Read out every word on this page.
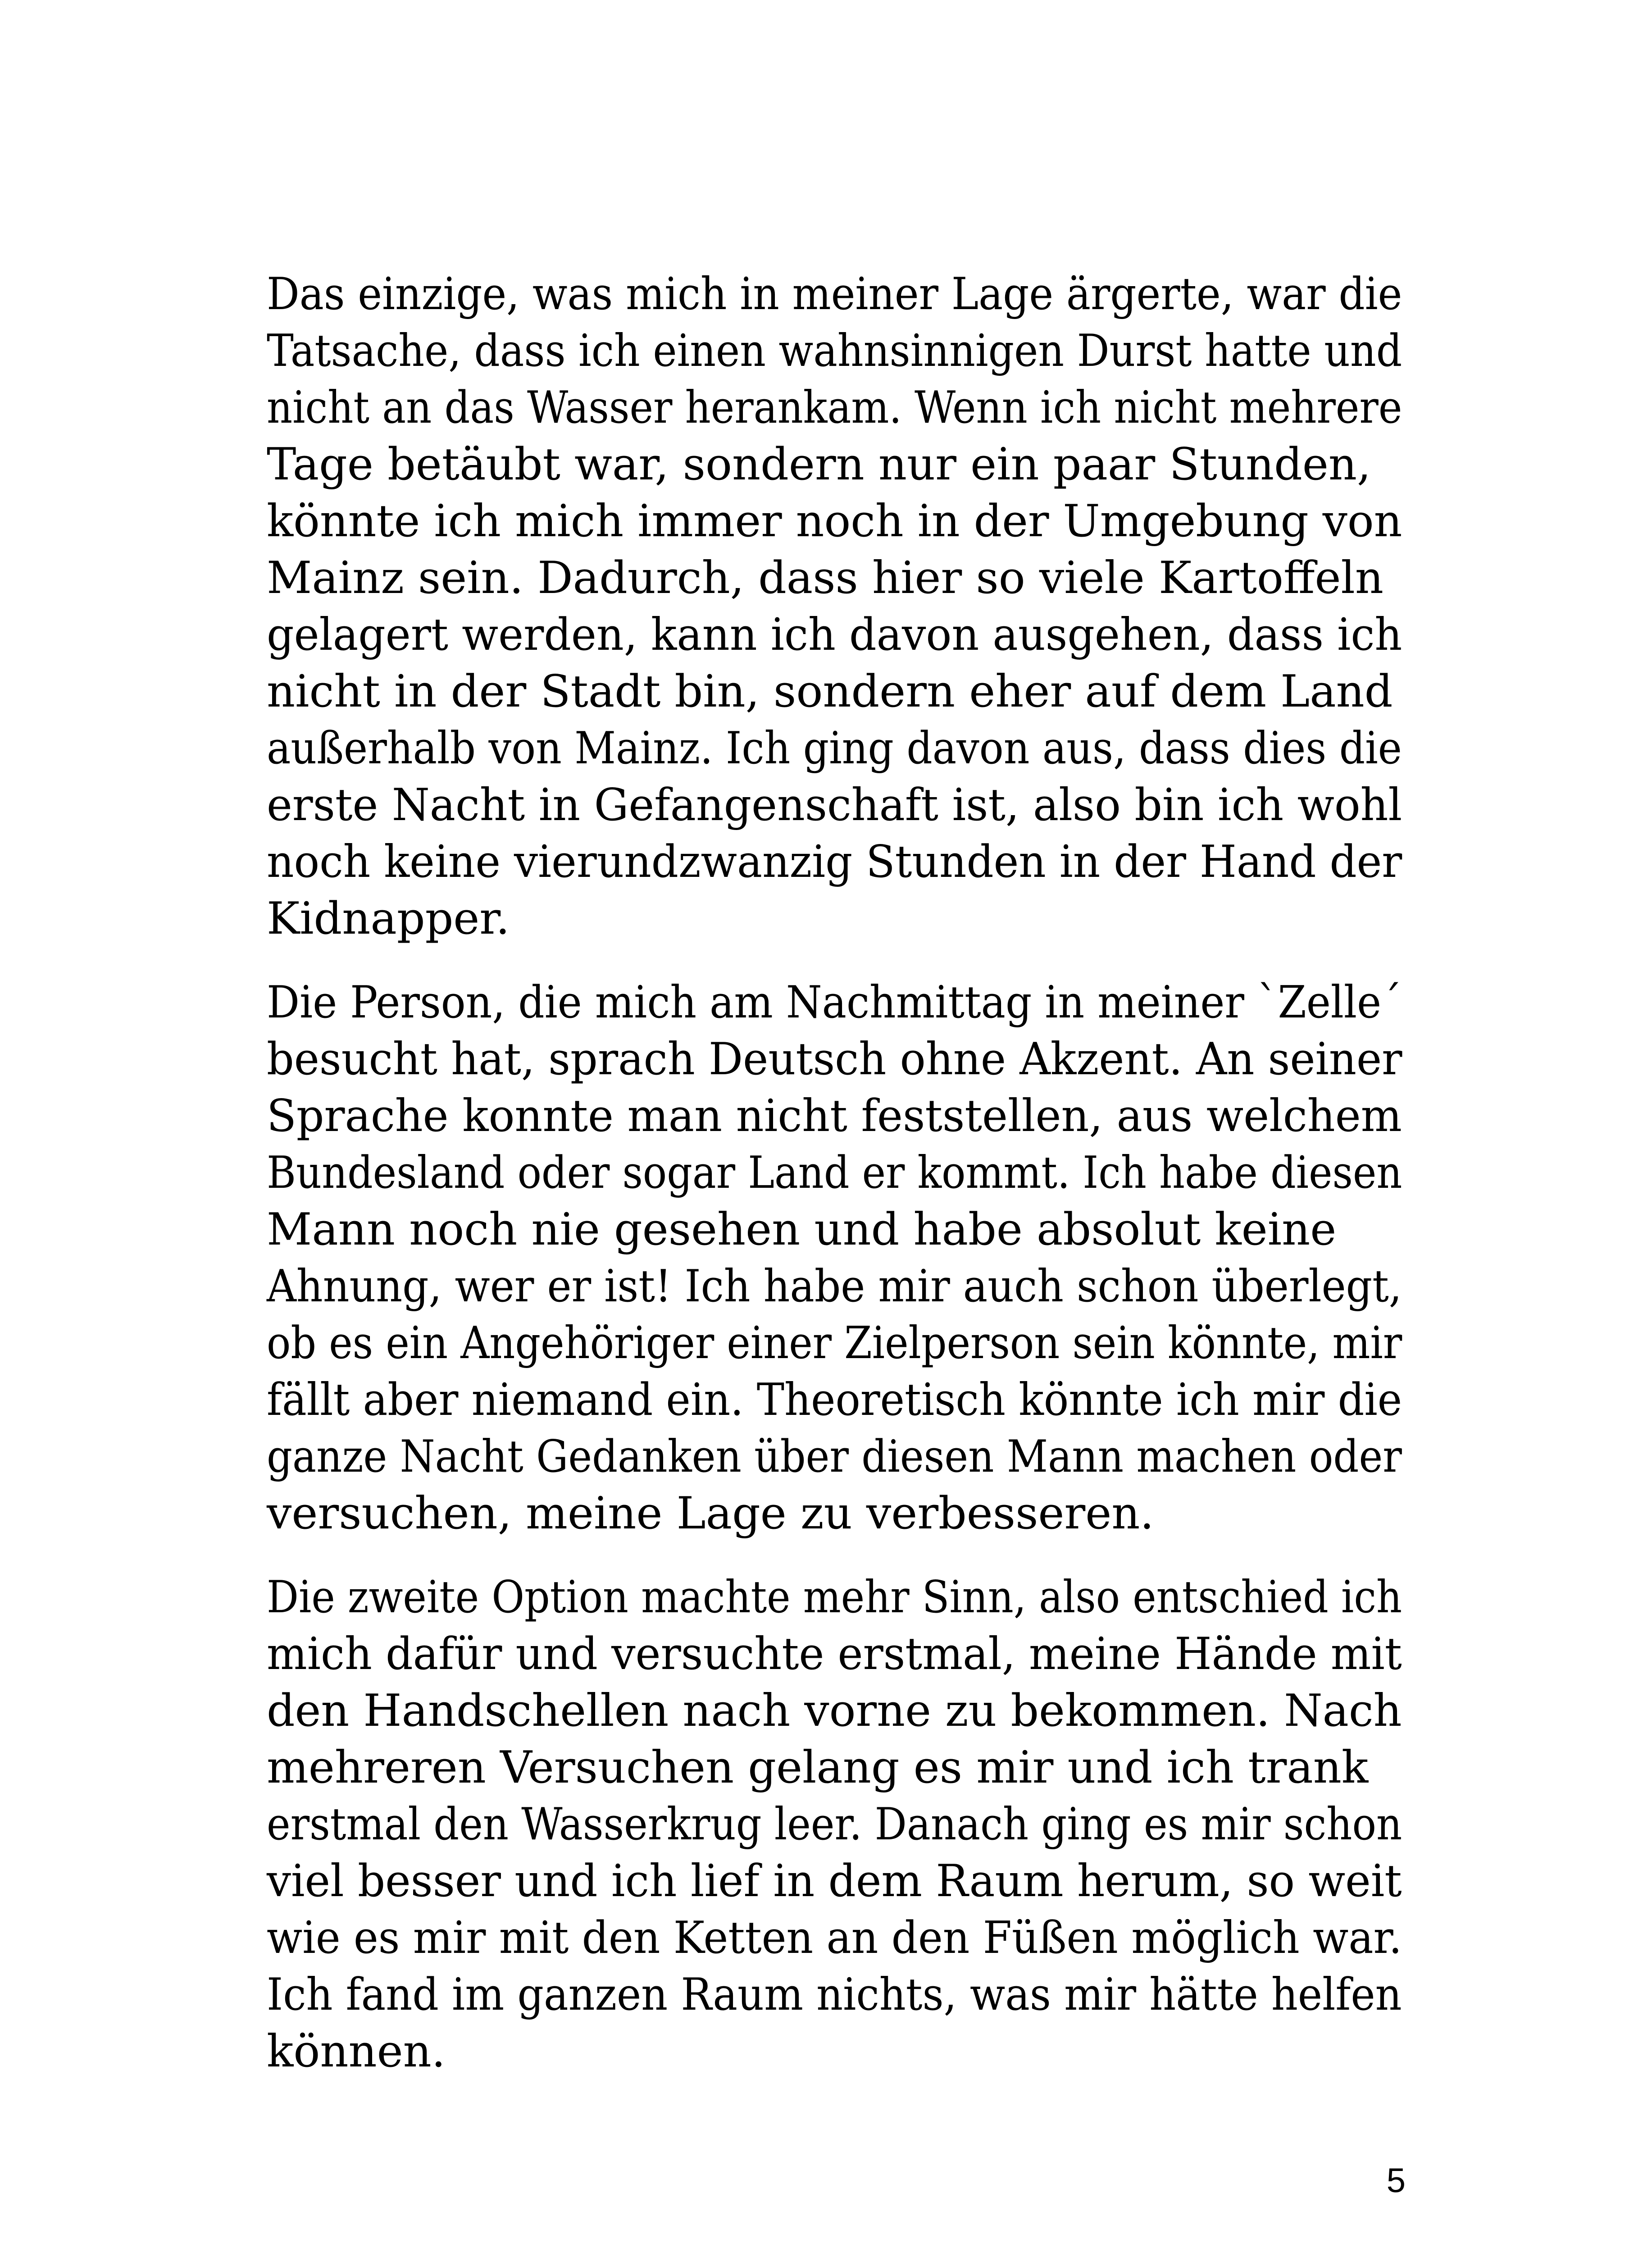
Das einzige, was mich in meiner Lage ärgerte, war die
Tatsache, dass ich einen wahnsinnigen Durst hatte und
nicht an das Wasser herankam. Wenn ich nicht mehrere
Tage betäubt war, sondern nur ein paar Stunden,
könnte ich mich immer noch in der Umgebung von
Mainz sein. Dadurch, dass hier so viele Kartoffeln
gelagert werden, kann ich davon ausgehen, dass ich
nicht in der Stadt bin, sondern eher auf dem Land
außerhalb von Mainz. Ich ging davon aus, dass dies die
erste Nacht in Gefangenschaft ist, also bin ich wohl
noch keine vierundzwanzig Stunden in der Hand der
Kidnapper.

Die Person, die mich am Nachmittag in meiner `Zelle´
besucht hat, sprach Deutsch ohne Akzent. An seiner
Sprache konnte man nicht feststellen, aus welchem
Bundesland oder sogar Land er kommt. Ich habe diesen
Mann noch nie gesehen und habe absolut keine
Ahnung, wer er ist! Ich habe mir auch schon überlegt,
ob es ein Angehöriger einer Zielperson sein könnte, mir
fällt aber niemand ein. Theoretisch könnte ich mir die
ganze Nacht Gedanken über diesen Mann machen oder
versuchen, meine Lage zu verbesseren.

Die zweite Option machte mehr Sinn, also entschied ich
mich dafür und versuchte erstmal, meine Hände mit
den Handschellen nach vorne zu bekommen. Nach
mehreren Versuchen gelang es mir und ich trank
erstmal den Wasserkrug leer. Danach ging es mir schon
viel besser und ich lief in dem Raum herum, so weit
wie es mir mit den Ketten an den Füßen möglich war.
Ich fand im ganzen Raum nichts, was mir hätte helfen
können.

5
